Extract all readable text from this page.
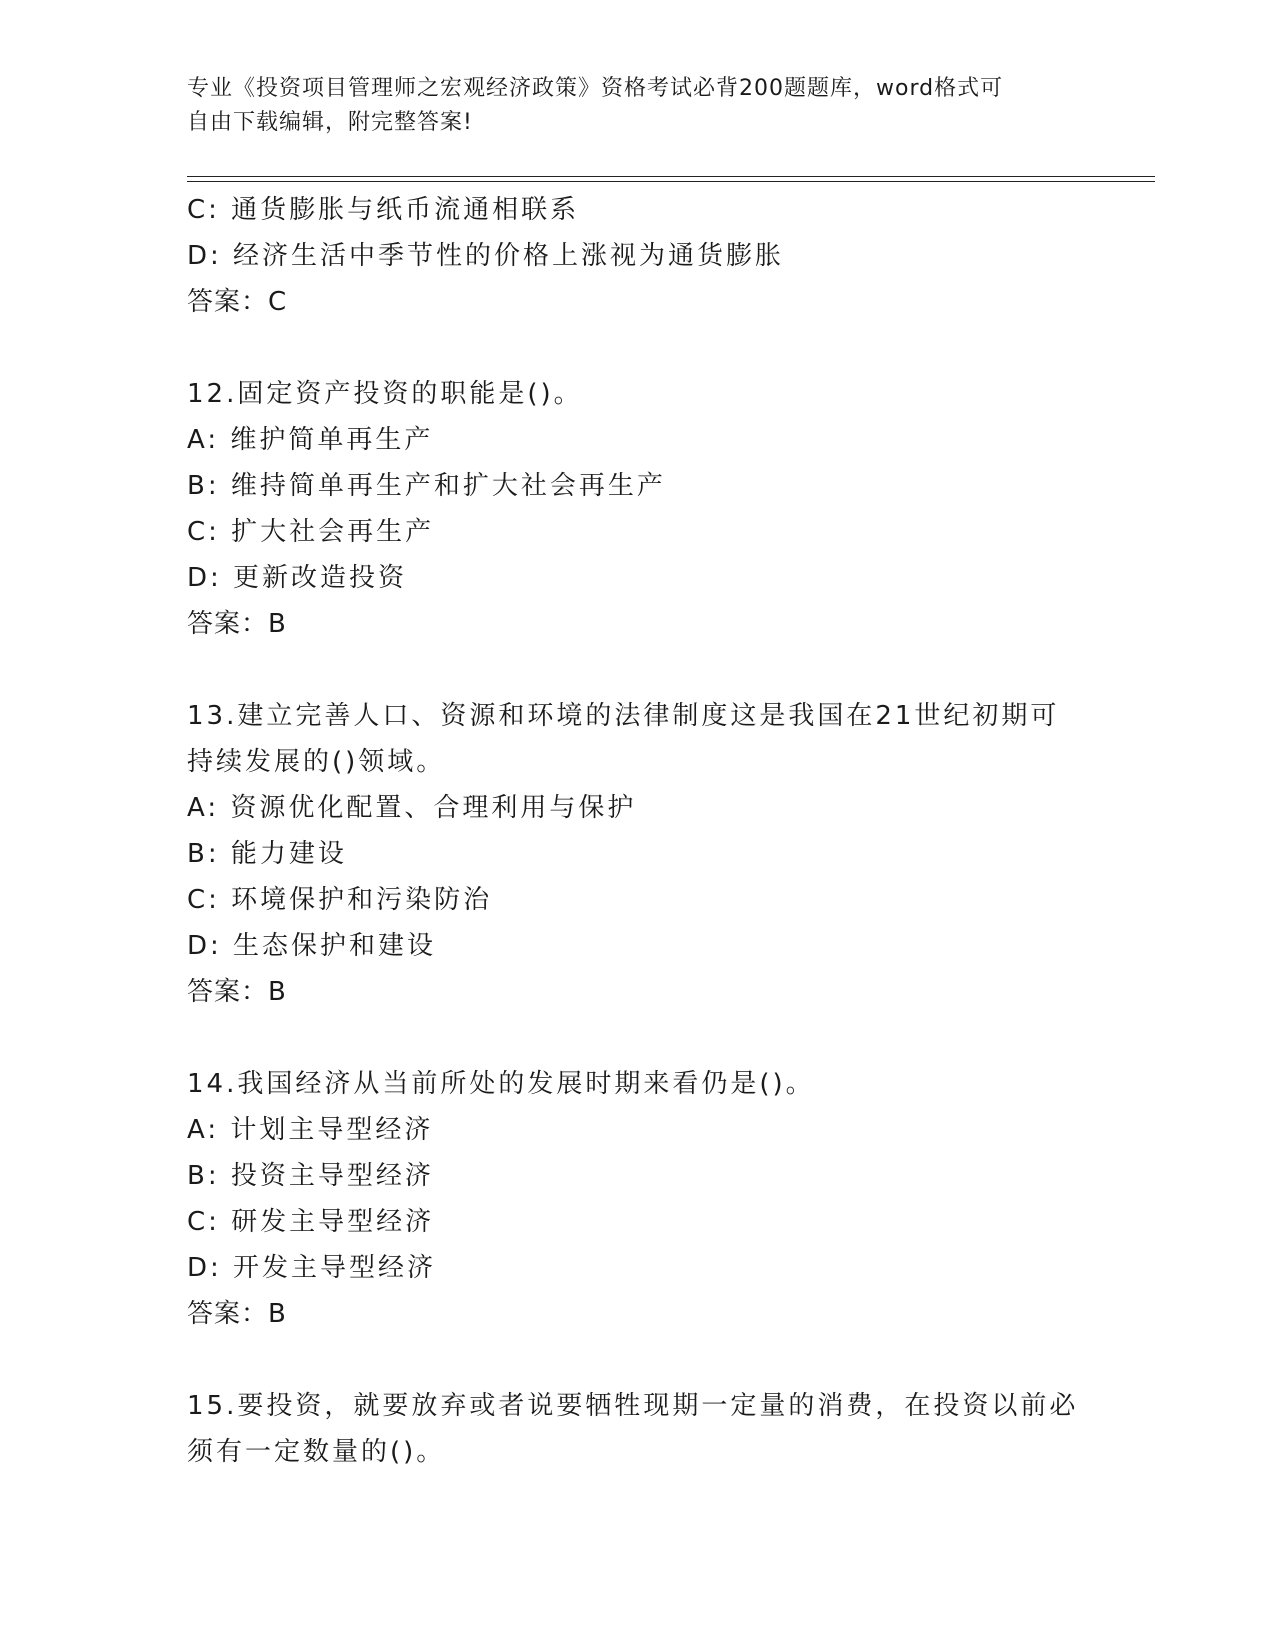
专业《投资项目管理师之宏观经济政策》资格考试必背200题题库，word格式可
自由下载编辑，附完整答案!
C: 通货膨胀与纸币流通相联系
D: 经济生活中季节性的价格上涨视为通货膨胀
答案：C
12.固定资产投资的职能是()。
A: 维护简单再生产
B: 维持简单再生产和扩大社会再生产
C: 扩大社会再生产
D: 更新改造投资
答案：B
13.建立完善人口、资源和环境的法律制度这是我国在21世纪初期可
持续发展的()领域。
A: 资源优化配置、合理利用与保护
B: 能力建设
C: 环境保护和污染防治
D: 生态保护和建设
答案：B
14.我国经济从当前所处的发展时期来看仍是()。
A: 计划主导型经济
B: 投资主导型经济
C: 研发主导型经济
D: 开发主导型经济
答案：B
15.要投资，就要放弃或者说要牺牲现期一定量的消费，在投资以前必
须有一定数量的()。
